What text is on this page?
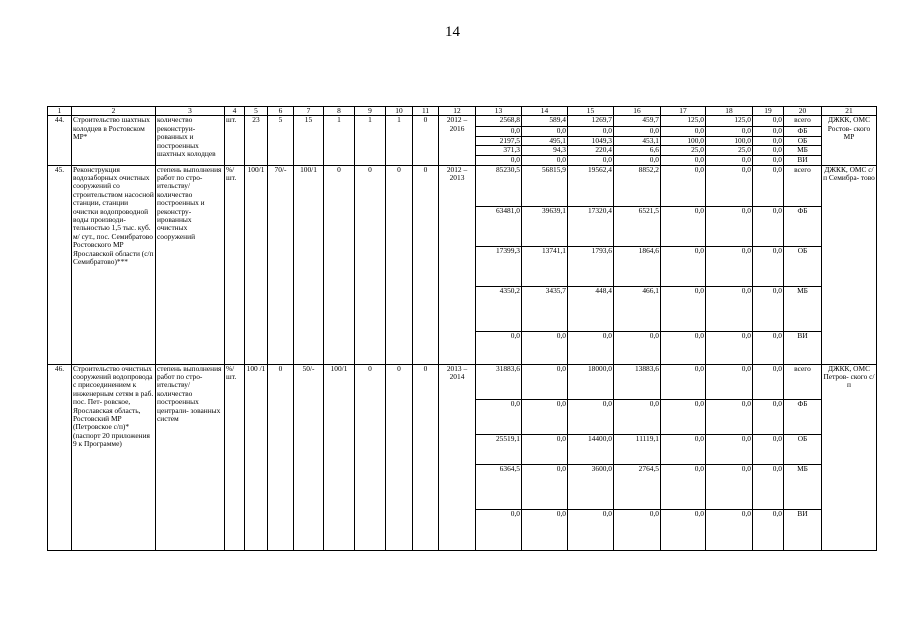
14
1	2	3	4	5	6	7	8	9	10	11	12	13	14	15	16	17	18	19	20	21
44.	Строительство шахтных колодцев в Ростовском МР*	количество реконструи- рованных и построенных шахтных колодцев	шт.	23	5	15	1	1	1	0	2012 – 2016	2568,8	589,4	1269,7	459,7	125,0	125,0	0,0	всего	ДЖКК, ОМС Ростов- ского МР
												0,0	0,0	0,0	0,0	0,0	0,0	0,0	ФБ	
												2197,5	495,1	1049,3	453,1	100,0	100,0	0,0	ОБ	
												371,3	94,3	220,4	6,6	25,0	25,0	0,0	МБ	
												0,0	0,0	0,0	0,0	0,0	0,0	0,0	ВИ	
45.	Реконструкция водозаборных очистных сооружений со строительством насосной станции, станции очистки водопроводной воды производи- тельностью 1,5 тыс. куб. м/ сут., пос. Семибратово Ростовского МР Ярославской области (с/п Семибратово)***	степень выполнения работ по стро- ительству/ количество построенных и реконстру- ированных очистных сооружений	%/ шт.	100/1	70/-	100/1	0	0	0	0	2012 – 2013	85230,5	56815,9	19562,4	8852,2	0,0	0,0	0,0	всего	ДЖКК, ОМС с/п Семибра- тово
												63481,0	39639,1	17320,4	6521,5	0,0	0,0	0,0	ФБ	
												17399,3	13741,1	1793,6	1864,6	0,0	0,0	0,0	ОБ	
												4350,2	3435,7	448,4	466,1	0,0	0,0	0,0	МБ	
												0,0	0,0	0,0	0,0	0,0	0,0	0,0	ВИ	
46.	Строительство очистных сооружений водопровода с присоединением к инженерным сетям в раб. пос. Пет- ровское, Ярославская область, Ростовский МР (Петровское с/п)* (паспорт 20 приложения 9 к Программе)	степень выполнения работ по стро- ительству/ количество построенных централи- зованных систем	%/ шт.	100 /1	0	50/-	100/1	0	0	0	2013 – 2014	31883,6	0,0	18000,0	13883,6	0,0	0,0	0,0	всего	ДЖКК, ОМС Петров- ского с/п
												0,0	0,0	0,0	0,0	0,0	0,0	0,0	ФБ	
												25519,1	0,0	14400,0	11119,1	0,0	0,0	0,0	ОБ	
												6364,5	0,0	3600,0	2764,5	0,0	0,0	0,0	МБ	
												0,0	0,0	0,0	0,0	0,0	0,0	0,0	ВИ	
